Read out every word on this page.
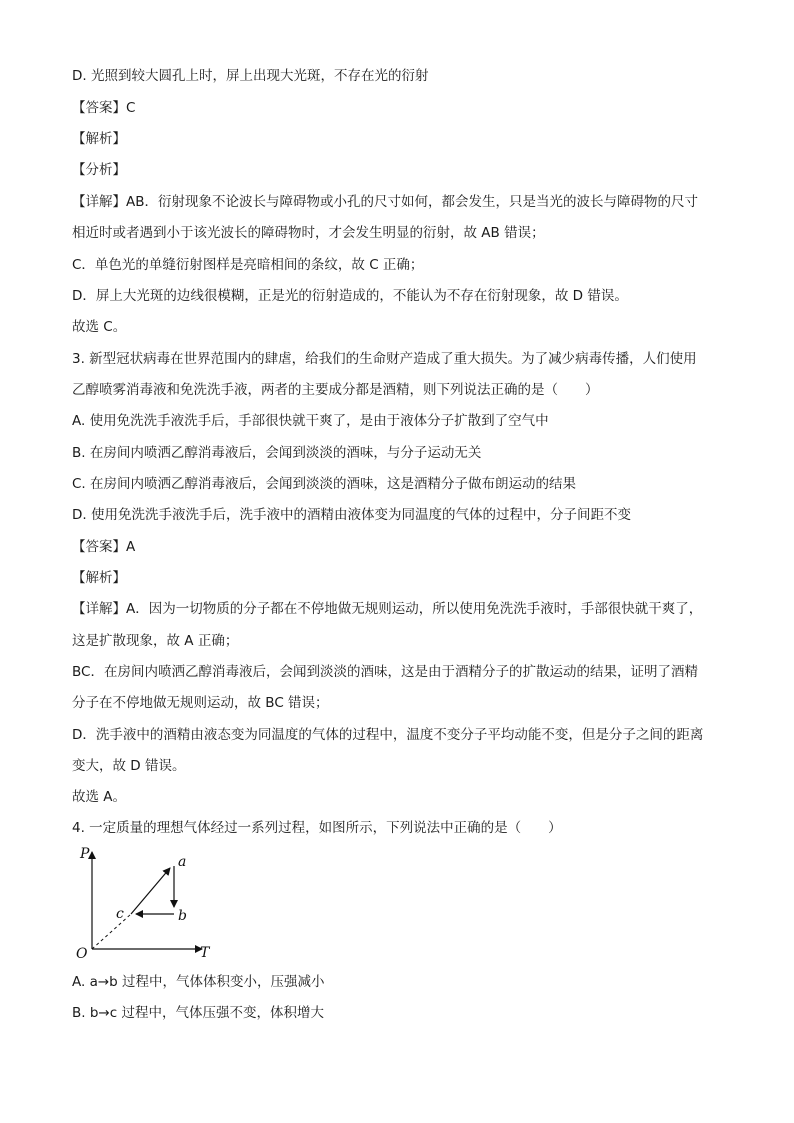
D. 光照到较大圆孔上时，屏上出现大光斑，不存在光的衍射
【答案】C
【解析】
【分析】
【详解】AB．衍射现象不论波长与障碍物或小孔的尺寸如何，都会发生，只是当光的波长与障碍物的尺寸
相近时或者遇到小于该光波长的障碍物时，才会发生明显的衍射，故 AB 错误；
C．单色光的单缝衍射图样是亮暗相间的条纹，故 C 正确；
D．屏上大光斑的边线很模糊，正是光的衍射造成的，不能认为不存在衍射现象，故 D 错误。
故选 C。
3. 新型冠状病毒在世界范围内的肆虐，给我们的生命财产造成了重大损失。为了减少病毒传播，人们使用
乙醇喷雾消毒液和免洗洗手液，两者的主要成分都是酒精，则下列说法正确的是（　　）
A. 使用免洗洗手液洗手后，手部很快就干爽了，是由于液体分子扩散到了空气中
B. 在房间内喷洒乙醇消毒液后，会闻到淡淡的酒味，与分子运动无关
C. 在房间内喷洒乙醇消毒液后，会闻到淡淡的酒味，这是酒精分子做布朗运动的结果
D. 使用免洗洗手液洗手后，洗手液中的酒精由液体变为同温度的气体的过程中，分子间距不变
【答案】A
【解析】
【详解】A．因为一切物质的分子都在不停地做无规则运动，所以使用免洗洗手液时，手部很快就干爽了，
这是扩散现象，故 A 正确；
BC．在房间内喷洒乙醇消毒液后，会闻到淡淡的酒味，这是由于酒精分子的扩散运动的结果，证明了酒精
分子在不停地做无规则运动，故 BC 错误；
D．洗手液中的酒精由液态变为同温度的气体的过程中，温度不变分子平均动能不变，但是分子之间的距离
变大，故 D 错误。
故选 A。
4. 一定质量的理想气体经过一系列过程，如图所示，下列说法中正确的是（　　）
P
T
O
a
b
c
A. a→b 过程中，气体体积变小，压强减小
B. b→c 过程中，气体压强不变，体积增大
